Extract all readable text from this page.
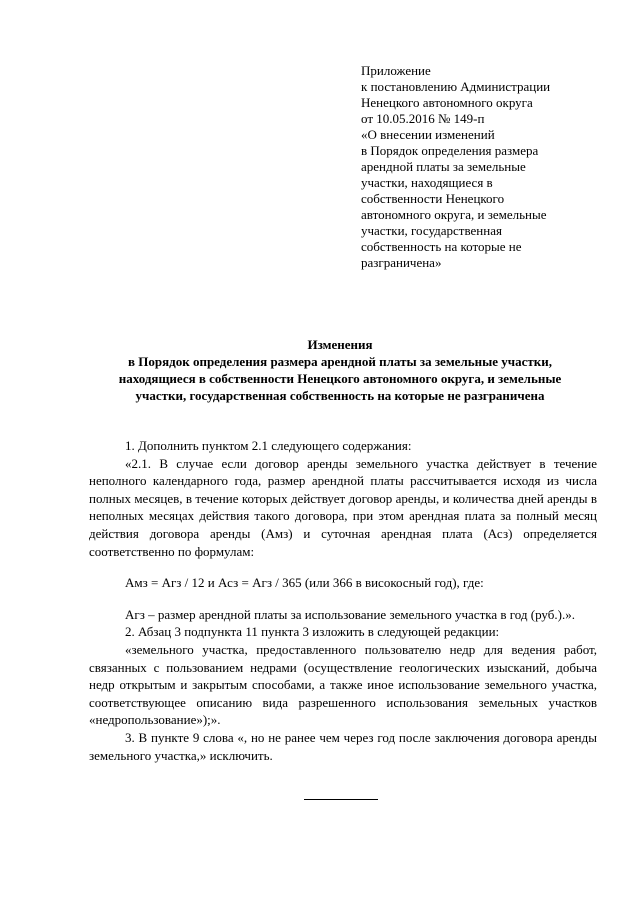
Приложение
к постановлению Администрации
Ненецкого автономного округа
от 10.05.2016 № 149-п
«О внесении изменений
в Порядок определения размера
арендной платы за земельные
участки, находящиеся в
собственности Ненецкого
автономного округа, и земельные
участки, государственная
собственность на которые не
разграничена»
Изменения
в Порядок определения размера арендной платы за земельные участки,
находящиеся в собственности Ненецкого автономного округа, и земельные
участки, государственная собственность на которые не разграничена

1. Дополнить пунктом 2.1 следующего содержания:

«2.1. В случае если договор аренды земельного участка действует в течение неполного календарного года, размер арендной платы рассчитывается исходя из числа полных месяцев, в течение которых действует договор аренды, и количества дней аренды в неполных месяцах действия такого договора, при этом арендная плата за полный месяц действия договора аренды (Амз) и суточная арендная плата (Асз) определяется соответственно по формулам:

Амз = Агз / 12 и Асз = Агз / 365 (или 366 в високосный год), где:

Агз – размер арендной платы за использование земельного участка в год (руб.).».

2. Абзац 3 подпункта 11 пункта 3 изложить в следующей редакции:

«земельного участка, предоставленного пользователю недр для ведения работ, связанных с пользованием недрами (осуществление геологических изысканий, добыча недр открытым и закрытым способами, а также иное использование земельного участка, соответствующее описанию вида разрешенного использования земельных участков «недропользование»);».

3. В пункте 9 слова «, но не ранее чем через год после заключения договора аренды земельного участка,» исключить.
